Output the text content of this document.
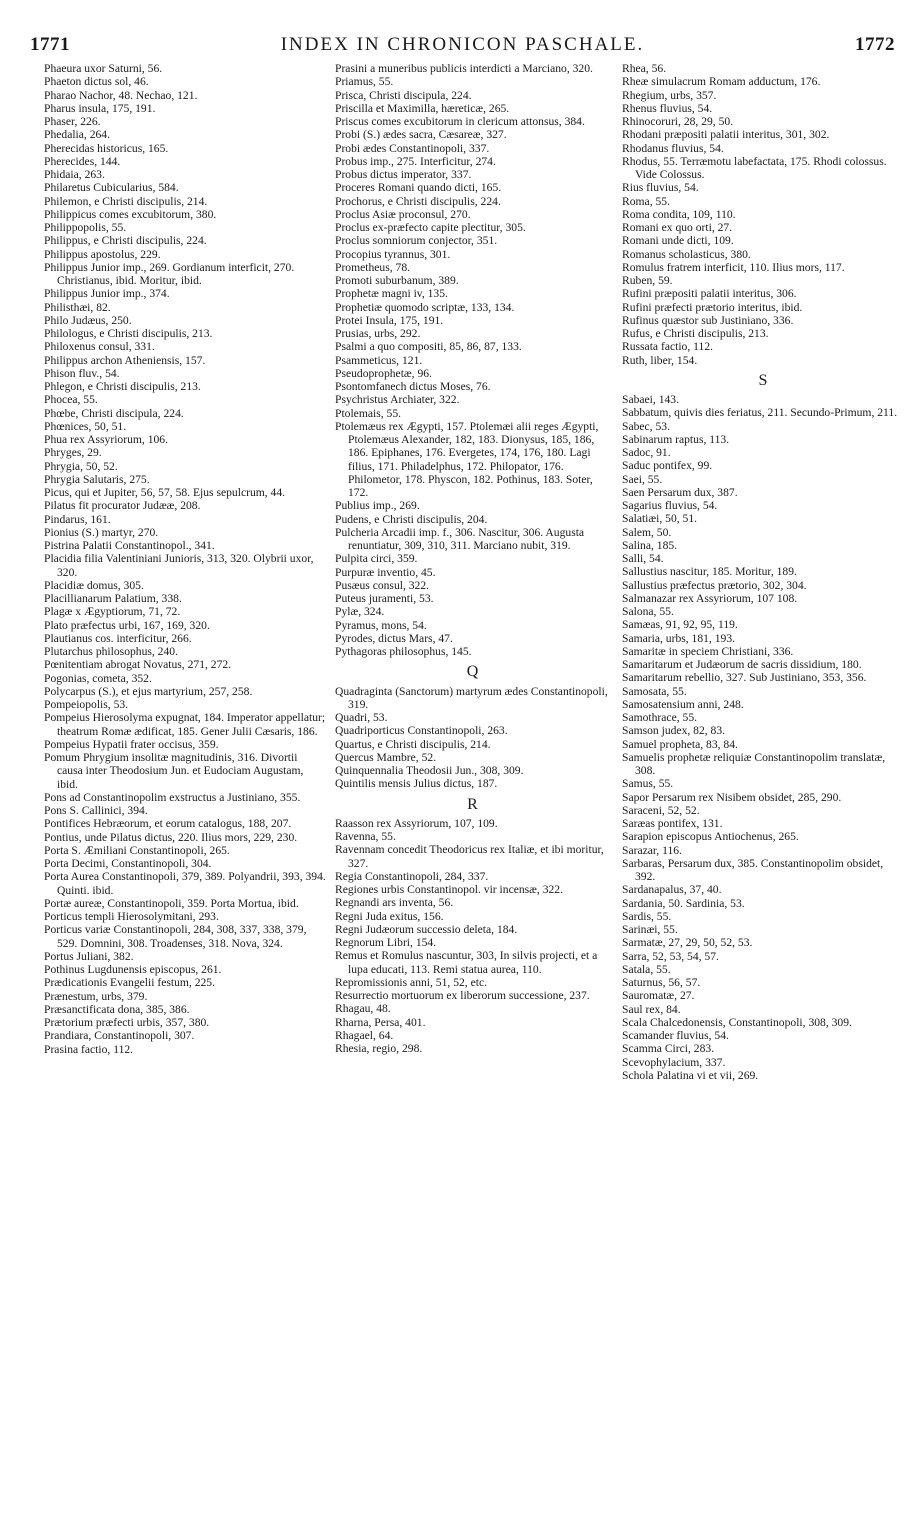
1771	INDEX IN CHRONICON PASCHALE.	1772

Phaeura uxor Saturni, 56.

Phaeton dictus sol, 46.

Pharao Nachor, 48. Nechao, 121.

Pharus insula, 175, 191.

Phaser, 226.

Phedalia, 264.

Pherecidas historicus, 165.

Pherecides, 144.

Phidaia, 263.

Philaretus Cubicularius, 584.

Philemon, e Christi discipulis, 214.

Philippicus comes excubitorum, 380.

Philippopolis, 55.

Philippus, e Christi discipulis, 224.

Philippus apostolus, 229.

Philippus Junior imp., 269. Gordianum interficit, 270. Christianus, ibid. Moritur, ibid.

Philippus Junior imp., 374.

Philisthæi, 82.

Philo Judæus, 250.

Philologus, e Christi discipulis, 213.

Philoxenus consul, 331.

Philippus archon Atheniensis, 157.

Phison fluv., 54.

Phlegon, e Christi discipulis, 213.

Phocea, 55.

Phœbe, Christi discipula, 224.

Phœnices, 50, 51.

Phua rex Assyriorum, 106.

Phryges, 29.

Phrygia, 50, 52.

Phrygia Salutaris, 275.

Picus, qui et Jupiter, 56, 57, 58. Ejus sepulcrum, 44.

Pilatus fit procurator Judææ, 208.

Pindarus, 161.

Pionius (S.) martyr, 270.

Pistrina Palatii Constantinopol., 341.

Placidia filia Valentiniani Junioris, 313, 320. Olybrii uxor, 320.

Placidiæ domus, 305.

Placillianarum Palatium, 338.

Plagæ x Ægyptiorum, 71, 72.

Plato præfectus urbi, 167, 169, 320.

Plautianus cos. interficitur, 266.

Plutarchus philosophus, 240.

Pœnitentiam abrogat Novatus, 271, 272.

Pogonias, cometa, 352.

Polycarpus (S.), et ejus martyrium, 257, 258.

Pompeiopolis, 53.

Pompeius Hierosolyma expugnat, 184. Imperator appellatur; theatrum Romæ ædificat, 185. Gener Julii Cæsaris, 186.

Pompeius Hypatii frater occisus, 359.

Pomum Phrygium insolitæ magnitudinis, 316. Divortii causa inter Theodosium Jun. et Eudociam Augustam, ibid.

Pons ad Constantinopolim exstructus a Justiniano, 355.

Pons S. Callinici, 394.

Pontifices Hebræorum, et eorum catalogus, 188, 207.

Pontius, unde Pilatus dictus, 220. Ilius mors, 229, 230.

Porta S. Æmiliani Constantinopoli, 265.

Porta Decimi, Constantinopoli, 304.

Porta Aurea Constantinopoli, 379, 389. Polyandrii, 393, 394. Quinti. ibid.

Portæ aureæ, Constantinopoli, 359. Porta Mortua, ibid.

Porticus templi Hierosolymitani, 293.

Porticus variæ Constantinopoli, 284, 308, 337, 338, 379, 529. Domnini, 308. Troadenses, 318. Nova, 324.

Portus Juliani, 382.

Pothinus Lugdunensis episcopus, 261.

Prædicationis Evangelii festum, 225.

Prænestum, urbs, 379.

Præsanctificata dona, 385, 386.

Prætorium præfecti urbis, 357, 380.

Prandiara, Constantinopoli, 307.

Prasina factio, 112.

Prasini a muneribus publicis interdicti a Marciano, 320.

Priamus, 55.

Prisca, Christi discipula, 224.

Priscilla et Maximilla, hæreticæ, 265.

Priscus comes excubitorum in clericum attonsus, 384.

Probi (S.) ædes sacra, Cæsareæ, 327.

Probi ædes Constantinopoli, 337.

Probus imp., 275. Interficitur, 274.

Probus dictus imperator, 337.

Proceres Romani quando dicti, 165.

Prochorus, e Christi discipulis, 224.

Proclus Asiæ proconsul, 270.

Proclus ex-præfecto capite plectitur, 305.

Proclus somniorum conjector, 351.

Procopius tyrannus, 301.

Prometheus, 78.

Promoti suburbanum, 389.

Prophetæ magni iv, 135.

Prophetiæ quomodo scriptæ, 133, 134.

Protei Insula, 175, 191.

Prusias, urbs, 292.

Psalmi a quo compositi, 85, 86, 87, 133.

Psammeticus, 121.

Pseudoprophetæ, 96.

Psontomfanech dictus Moses, 76.

Psychristus Archiater, 322.

Ptolemais, 55.

Ptolemæus rex Ægypti, 157. Ptolemæi alii reges Ægypti, Ptolemæus Alexander, 182, 183. Dionysus, 185, 186, 186. Epiphanes, 176. Evergetes, 174, 176, 180. Lagi filius, 171. Philadelphus, 172. Philopator, 176. Philometor, 178. Physcon, 182. Pothinus, 183. Soter, 172.

Publius imp., 269.

Pudens, e Christi discipulis, 204.

Pulcheria Arcadii imp. f., 306. Nascitur, 306. Augusta renuntiatur, 309, 310, 311. Marciano nubit, 319.

Pulpita circi, 359.

Purpuræ inventio, 45.

Pusæus consul, 322.

Puteus juramenti, 53.

Pylæ, 324.

Pyramus, mons, 54.

Pyrodes, dictus Mars, 47.

Pythagoras philosophus, 145.

Q

Quadraginta (Sanctorum) martyrum ædes Constantinopoli, 319.

Quadri, 53.

Quadriporticus Constantinopoli, 263.

Quartus, e Christi discipulis, 214.

Quercus Mambre, 52.

Quinquennalia Theodosii Jun., 308, 309.

Quintilis mensis Julius dictus, 187.

R

Raasson rex Assyriorum, 107, 109.

Ravenna, 55.

Ravennam concedit Theodoricus rex Italiæ, et ibi moritur, 327.

Regia Constantinopoli, 284, 337.

Regiones urbis Constantinopol. vir incensæ, 322.

Regnandi ars inventa, 56.

Regni Juda exitus, 156.

Regni Judæorum successio deleta, 184.

Regnorum Libri, 154.

Remus et Romulus nascuntur, 303, In silvis projecti, et a lupa educati, 113. Remi statua aurea, 110.

Repromissionis anni, 51, 52, etc.

Resurrectio mortuorum ex liberorum successione, 237.

Rhagau, 48.

Rharna, Persa, 401.

Rhagael, 64.

Rhesia, regio, 298.

Rhea, 56.

Rheæ simulacrum Romam adductum, 176.

Rhegium, urbs, 357.

Rhenus fluvius, 54.

Rhinocoruri, 28, 29, 50.

Rhodani præpositi palatii interitus, 301, 302.

Rhodanus fluvius, 54.

Rhodus, 55. Terræmotu labefactata, 175. Rhodi colossus. Vide Colossus.

Rius fluvius, 54.

Roma, 55.

Roma condita, 109, 110.

Romani ex quo orti, 27.

Romani unde dicti, 109.

Romanus scholasticus, 380.

Romulus fratrem interficit, 110. Ilius mors, 117.

Ruben, 59.

Rufini præpositi palatii interitus, 306.

Rufini præfecti prætorio interitus, ibid.

Rufinus quæstor sub Justiniano, 336.

Rufus, e Christi discipulis, 213.

Russata factio, 112.

Ruth, liber, 154.

S

Sabaei, 143.

Sabbatum, quivis dies feriatus, 211. Secundo-Primum, 211.

Sabec, 53.

Sabinarum raptus, 113.

Sadoc, 91.

Saduc pontifex, 99.

Saei, 55.

Saen Persarum dux, 387.

Sagarius fluvius, 54.

Salatiæi, 50, 51.

Salem, 50.

Salina, 185.

Salli, 54.

Sallustius nascitur, 185. Moritur, 189.

Sallustius præfectus prætorio, 302, 304.

Salmanazar rex Assyriorum, 107 108.

Salona, 55.

Samæas, 91, 92, 95, 119.

Samaria, urbs, 181, 193.

Samaritæ in speciem Christiani, 336.

Samaritarum et Judæorum de sacris dissidium, 180.

Samaritarum rebellio, 327. Sub Justiniano, 353, 356.

Samosata, 55.

Samosatensium anni, 248.

Samothrace, 55.

Samson judex, 82, 83.

Samuel propheta, 83, 84.

Samuelis prophetæ reliquiæ Constantinopolim translatæ, 308.

Samus, 55.

Sapor Persarum rex Nisibem obsidet, 285, 290.

Saraceni, 52, 52.

Saræas pontifex, 131.

Sarapion episcopus Antiochenus, 265.

Sarazar, 116.

Sarbaras, Persarum dux, 385. Constantinopolim obsidet, 392.

Sardanapalus, 37, 40.

Sardania, 50. Sardinia, 53.

Sardis, 55.

Sarinæi, 55.

Sarmatæ, 27, 29, 50, 52, 53.

Sarra, 52, 53, 54, 57.

Satala, 55.

Saturnus, 56, 57.

Sauromatæ, 27.

Saul rex, 84.

Scala Chalcedonensis, Constantinopoli, 308, 309.

Scamander fluvius, 54.

Scamma Circi, 283.

Scevophylacium, 337.

Schola Palatina vi et vii, 269.
